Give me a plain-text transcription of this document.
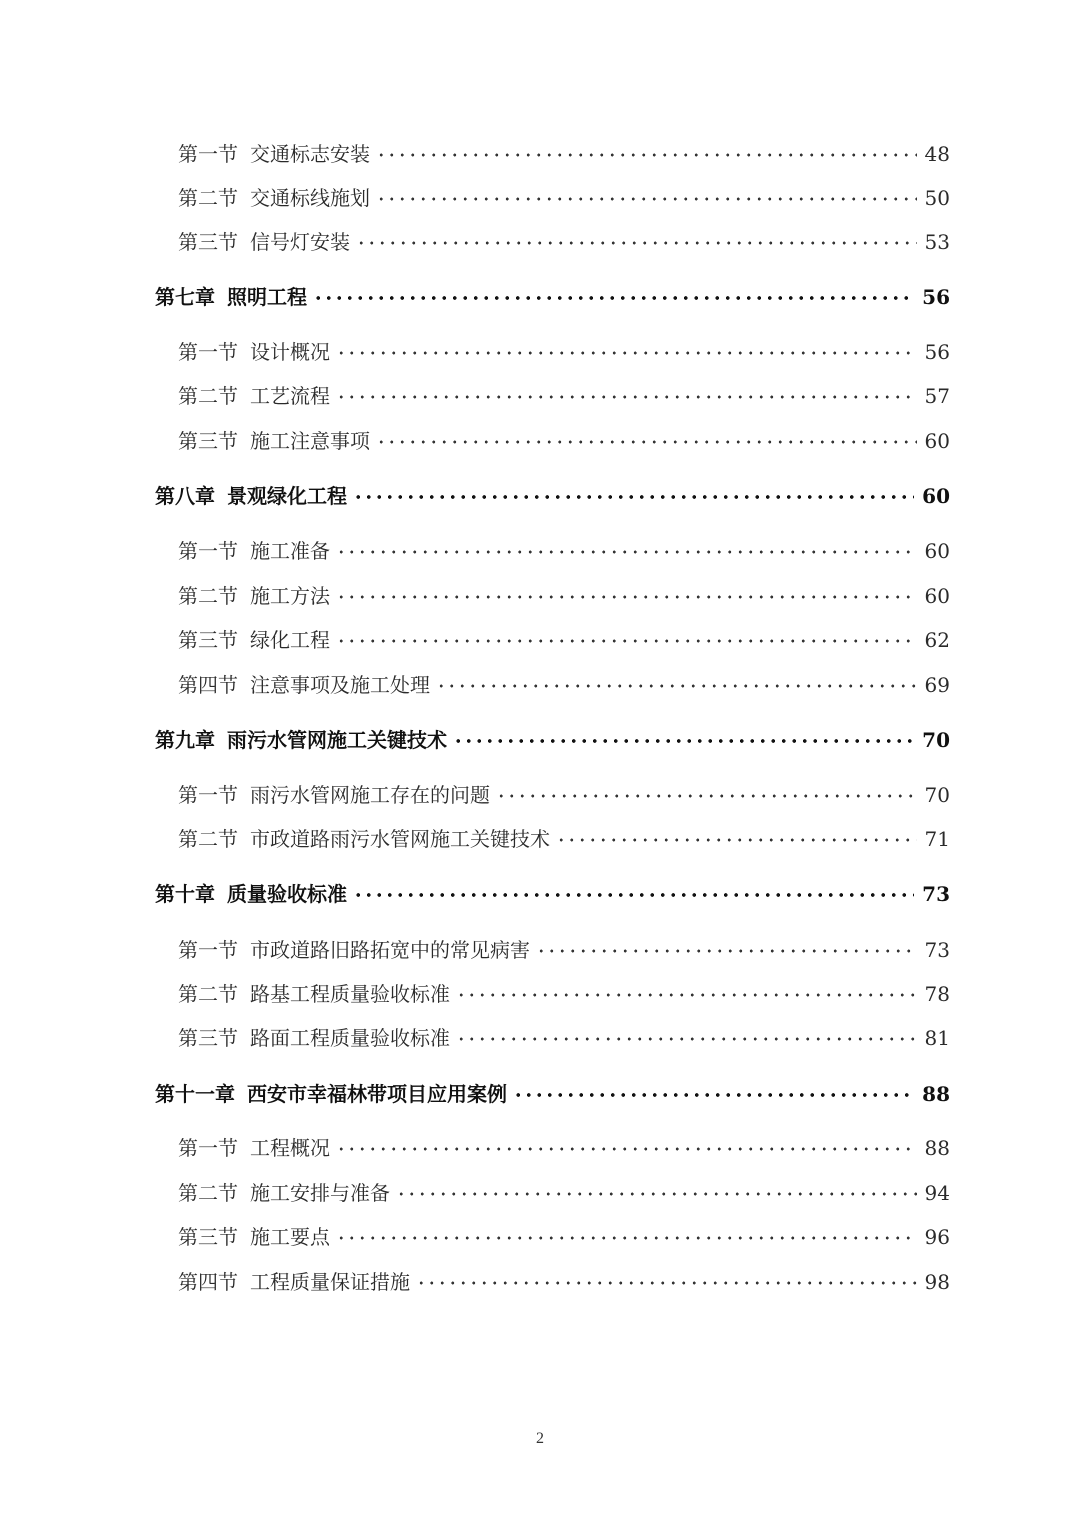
第一节 交通标志安装	48
第二节 交通标线施划	50
第三节 信号灯安装	53
第七章 照明工程	56
第一节 设计概况	56
第二节 工艺流程	57
第三节 施工注意事项	60
第八章 景观绿化工程	60
第一节 施工准备	60
第二节 施工方法	60
第三节 绿化工程	62
第四节 注意事项及施工处理	69
第九章 雨污水管网施工关键技术	70
第一节 雨污水管网施工存在的问题	70
第二节 市政道路雨污水管网施工关键技术	71
第十章 质量验收标准	73
第一节 市政道路旧路拓宽中的常见病害	73
第二节 路基工程质量验收标准	78
第三节 路面工程质量验收标准	81
第十一章 西安市幸福林带项目应用案例	88
第一节 工程概况	88
第二节 施工安排与准备	94
第三节 施工要点	96
第四节 工程质量保证措施	98
2
